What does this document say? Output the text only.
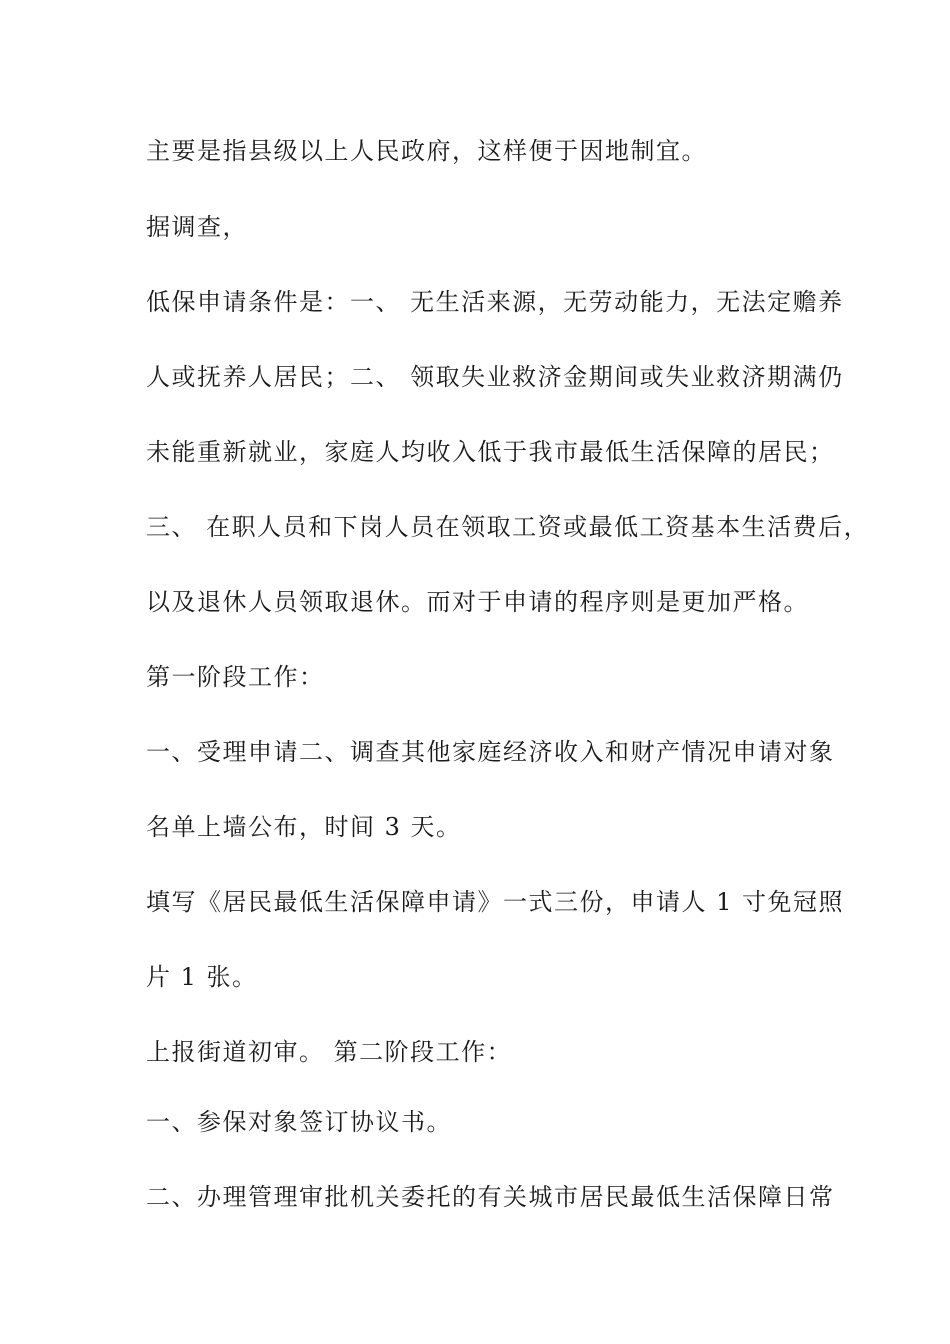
主要是指县级以上人民政府，这样便于因地制宜。

据调查，

低保申请条件是：一、 无生活来源，无劳动能力，无法定赡养

人或抚养人居民；二、 领取失业救济金期间或失业救济期满仍

未能重新就业，家庭人均收入低于我市最低生活保障的居民；

三、 在职人员和下岗人员在领取工资或最低工资基本生活费后，

以及退休人员领取退休。而对于申请的程序则是更加严格。

第一阶段工作：

一、受理申请二、调查其他家庭经济收入和财产情况申请对象

名单上墙公布，时间 3 天。

填写《居民最低生活保障申请》一式三份，申请人 1 寸免冠照

片 1 张。

上报街道初审。 第二阶段工作：

一、参保对象签订协议书。

二、办理管理审批机关委托的有关城市居民最低生活保障日常
